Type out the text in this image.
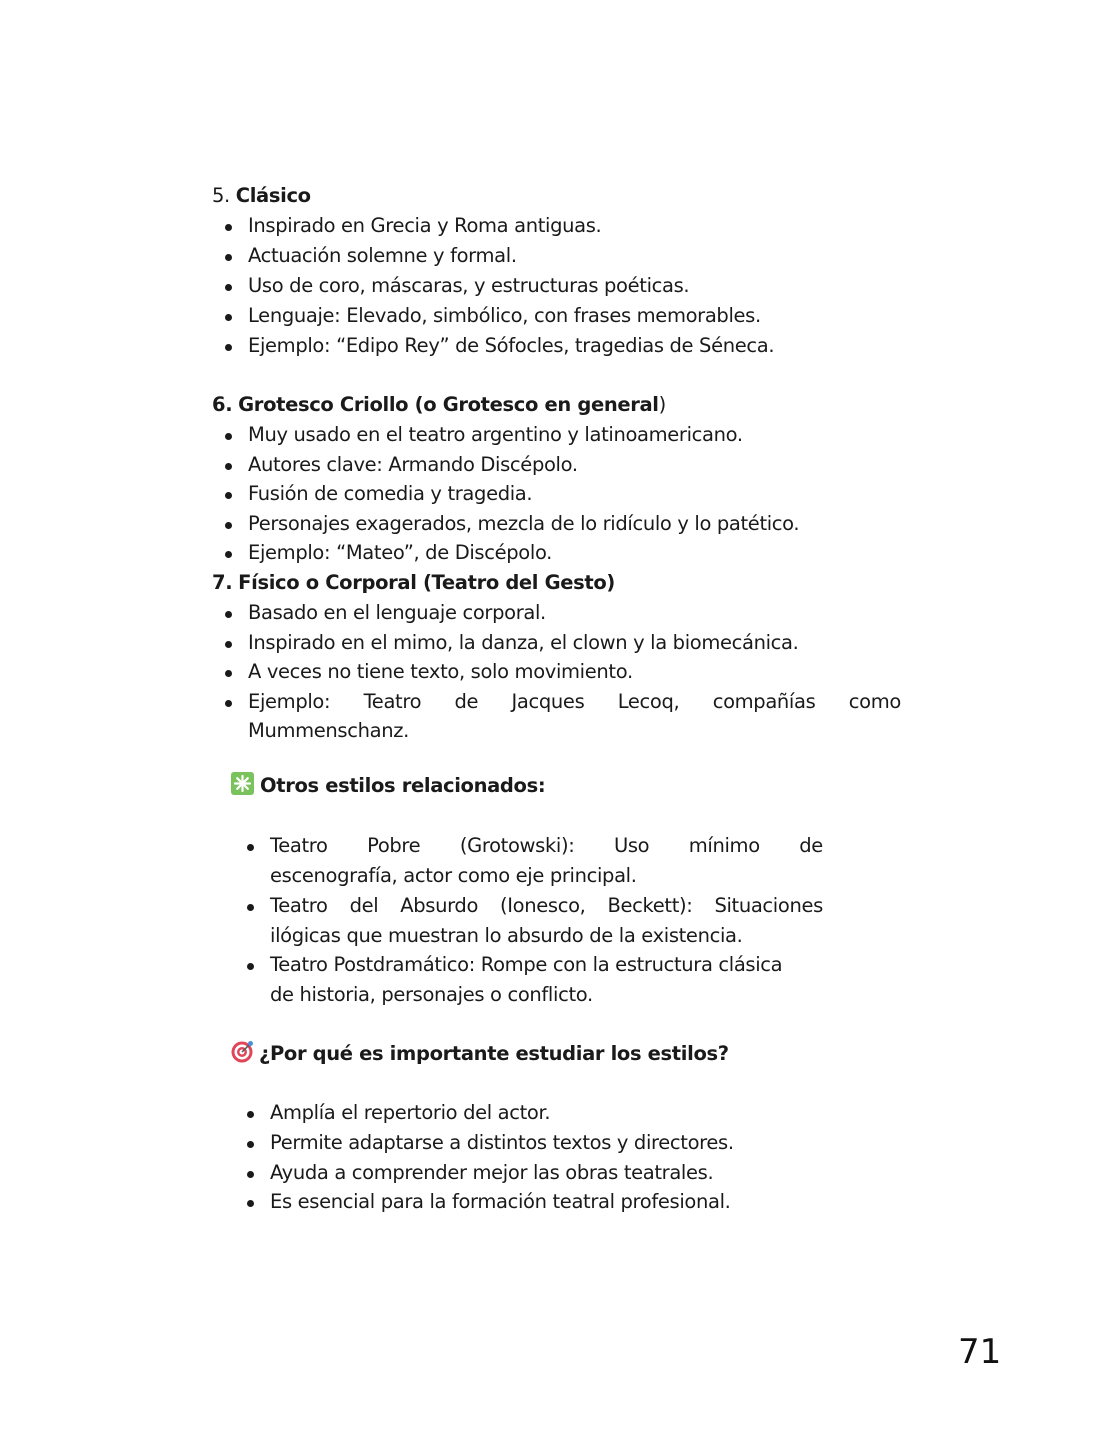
5. Clásico
Inspirado en Grecia y Roma antiguas.
Actuación solemne y formal.
Uso de coro, máscaras, y estructuras poéticas.
Lenguaje: Elevado, simbólico, con frases memorables.
Ejemplo: “Edipo Rey” de Sófocles, tragedias de Séneca.
6. Grotesco Criollo (o Grotesco en general)
Muy usado en el teatro argentino y latinoamericano.
Autores clave: Armando Discépolo.
Fusión de comedia y tragedia.
Personajes exagerados, mezcla de lo ridículo y lo patético.
Ejemplo: “Mateo”, de Discépolo.
7. Físico o Corporal (Teatro del Gesto)
Basado en el lenguaje corporal.
Inspirado en el mimo, la danza, el clown y la biomecánica.
A veces no tiene texto, solo movimiento.
Ejemplo: Teatro de Jacques Lecoq, compañías como
Mummenschanz.
Otros estilos relacionados:
Teatro Pobre (Grotowski): Uso mínimo de
escenografía, actor como eje principal.
Teatro del Absurdo (Ionesco, Beckett): Situaciones
ilógicas que muestran lo absurdo de la existencia.
Teatro Postdramático: Rompe con la estructura clásica
de historia, personajes o conflicto.
¿Por qué es importante estudiar los estilos?
Amplía el repertorio del actor.
Permite adaptarse a distintos textos y directores.
Ayuda a comprender mejor las obras teatrales.
Es esencial para la formación teatral profesional.
71
